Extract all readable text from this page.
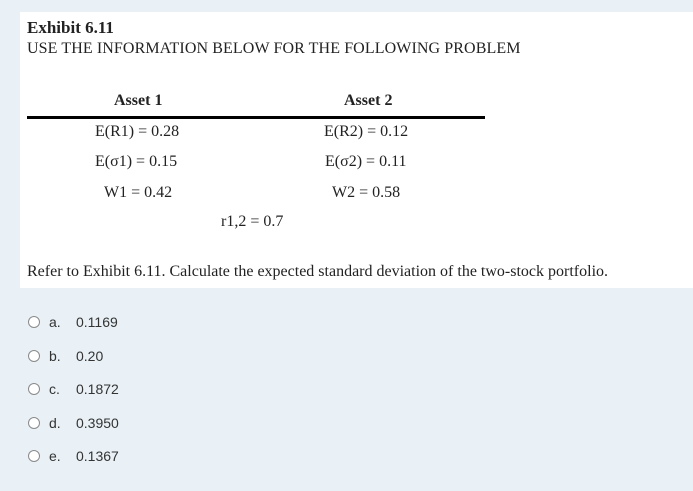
Exhibit 6.11
USE THE INFORMATION BELOW FOR THE FOLLOWING PROBLEM
Asset 1	Asset 2
E(R1) = 0.28	E(R2) = 0.12
E(σ1) = 0.15	E(σ2) = 0.11
W1 = 0.42	W2 = 0.58
r1,2 = 0.7
Refer to Exhibit 6.11. Calculate the expected standard deviation of the two-stock portfolio.
a.	0.1169
b.	0.20
c.	0.1872
d.	0.3950
e.	0.1367
